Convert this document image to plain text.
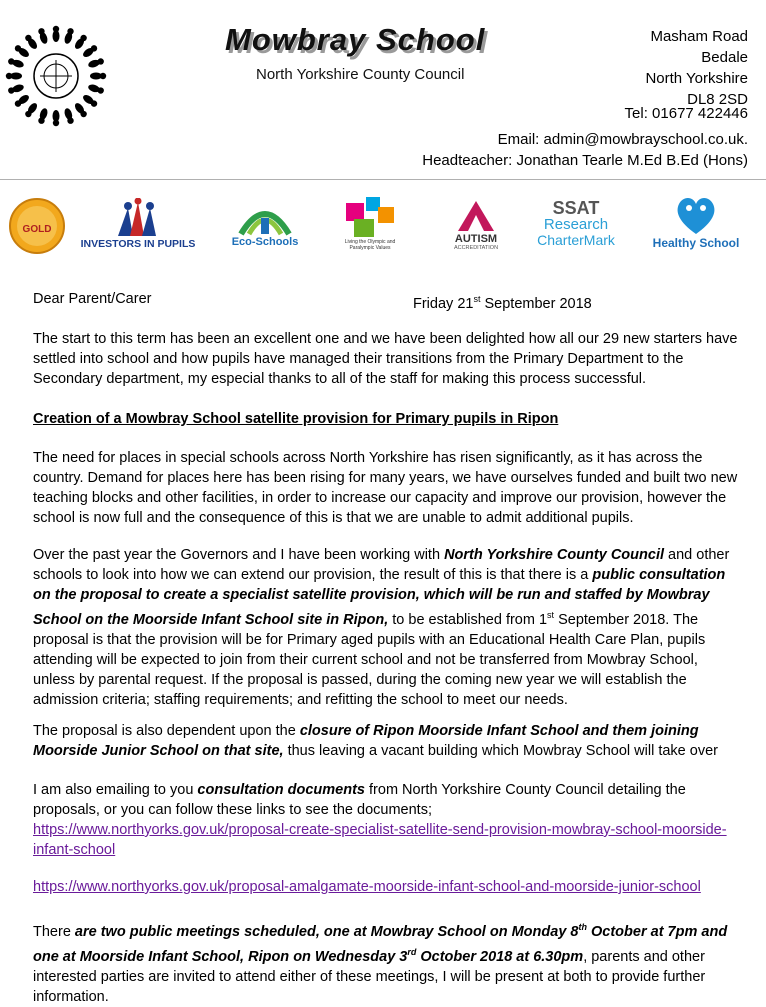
Mowbray School
North Yorkshire County Council
Masham Road
Bedale
North Yorkshire
DL8 2SD
Tel: 01677 422446
Email: admin@mowbrayschool.co.uk.
Headteacher: Jonathan Tearle M.Ed B.Ed (Hons)
GOLD
INVESTORS IN PUPILS	Eco-Schools	Living the Olympic and Paralympic Values
AUTISM
ACCREDITATION
SSAT
Research
CharterMark	Healthy School
Dear Parent/Carer	Friday 21st September 2018

The start to this term has been an excellent one and we have been delighted how all our 29 new starters have settled into school and how pupils have managed their transitions from the Primary Department to the Secondary department, my especial thanks to all of the staff for making this process successful.

Creation of a Mowbray School satellite provision for Primary pupils in Ripon

The need for places in special schools across North Yorkshire has risen significantly, as it has across the country. Demand for places here has been rising for many years, we have ourselves funded and built two new teaching blocks and other facilities, in order to increase our capacity and improve our provision, however the school is now full and the consequence of this is that we are unable to admit additional pupils.

Over the past year the Governors and I have been working with North Yorkshire County Council and other schools to look into how we can extend our provision, the result of this is that there is a public consultation on the proposal to create a specialist satellite provision, which will be run and staffed by Mowbray School on the Moorside Infant School site in Ripon, to be established from 1st September 2018. The proposal is that the provision will be for Primary aged pupils with an Educational Health Care Plan, pupils attending will be expected to join from their current school and not be transferred from Mowbray School, unless by parental request. If the proposal is passed, during the coming new year we will establish the admission criteria; staffing requirements; and refitting the school to meet our needs.

The proposal is also dependent upon the closure of Ripon Moorside Infant School and them joining Moorside Junior School on that site, thus leaving a vacant building which Mowbray School will take over

I am also emailing to you consultation documents from North Yorkshire County Council detailing the proposals, or you can follow these links to see the documents;

https://www.northyorks.gov.uk/proposal-create-specialist-satellite-send-provision-mowbray-school-moorside-infant-school

https://www.northyorks.gov.uk/proposal-amalgamate-moorside-infant-school-and-moorside-junior-school

There are two public meetings scheduled, one at Mowbray School on Monday 8th October at 7pm and one at Moorside Infant School, Ripon on Wednesday 3rd October 2018 at 6.30pm, parents and other interested parties are invited to attend either of these meetings, I will be present at both to provide further information.
